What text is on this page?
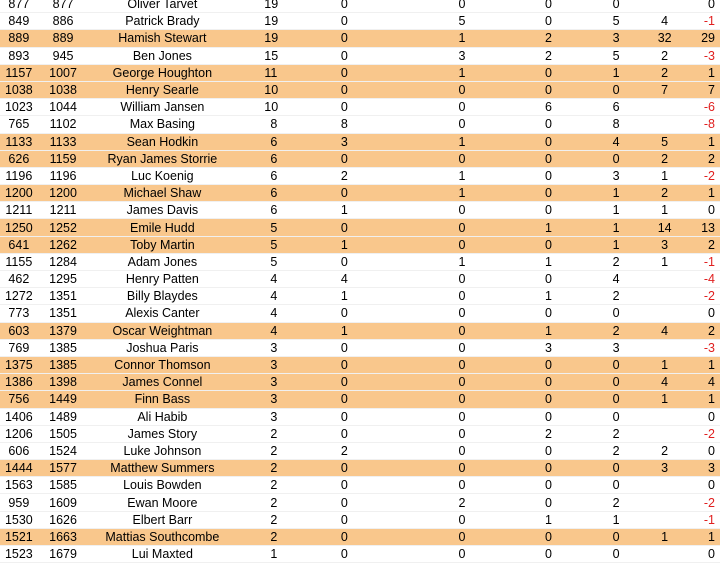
877	877	Oliver Tarvet	19 0	0	0	0		0
849	886	Patrick Brady	19 0	5	0	5	4	-1
889	889	Hamish Stewart	19 0	1	2	3	32	29
893	945	Ben Jones	15 0	3	2	5	2	-3
1157	1007	George Houghton	11 0	1	0	1	2	1
1038	1038	Henry Searle	10 0	0	0	0	7	7
1023	1044	William Jansen	10 0	0	6	6		-6
765	1102	Max Basing	8 8	0	0	8		-8
1133	1133	Sean Hodkin	6 3	1	0	4	5	1
626	1159	Ryan James Storrie	6 0	0	0	0	2	2
1196	1196	Luc Koenig	6 2	1	0	3	1	-2
1200	1200	Michael Shaw	6 0	1	0	1	2	1
1211	1211	James Davis	6 1	0	0	1	1	0
1250	1252	Emile Hudd	5 0	0	1	1	14	13
641	1262	Toby Martin	5 1	0	0	1	3	2
1155	1284	Adam Jones	5 0	1	1	2	1	-1
462	1295	Henry Patten	4 4	0	0	4		-4
1272	1351	Billy Blaydes	4 1	0	1	2		-2
773	1351	Alexis Canter	4 0	0	0	0		0
603	1379	Oscar Weightman	4 1	0	1	2	4	2
769	1385	Joshua Paris	3 0	0	3	3		-3
1375	1385	Connor Thomson	3 0	0	0	0	1	1
1386	1398	James Connel	3 0	0	0	0	4	4
756	1449	Finn Bass	3 0	0	0	0	1	1
1406	1489	Ali Habib	3 0	0	0	0		0
1206	1505	James Story	2 0	0	2	2		-2
606	1524	Luke Johnson	2 2	0	0	2	2	0
1444	1577	Matthew Summers	2 0	0	0	0	3	3
1563	1585	Louis Bowden	2 0	0	0	0		0
959	1609	Ewan Moore	2 0	2	0	2		-2
1530	1626	Elbert Barr	2 0	0	1	1		-1
1521	1663	Mattias Southcombe	2 0	0	0	0	1	1
1523	1679	Lui Maxted	1 0	0	0	0		0
